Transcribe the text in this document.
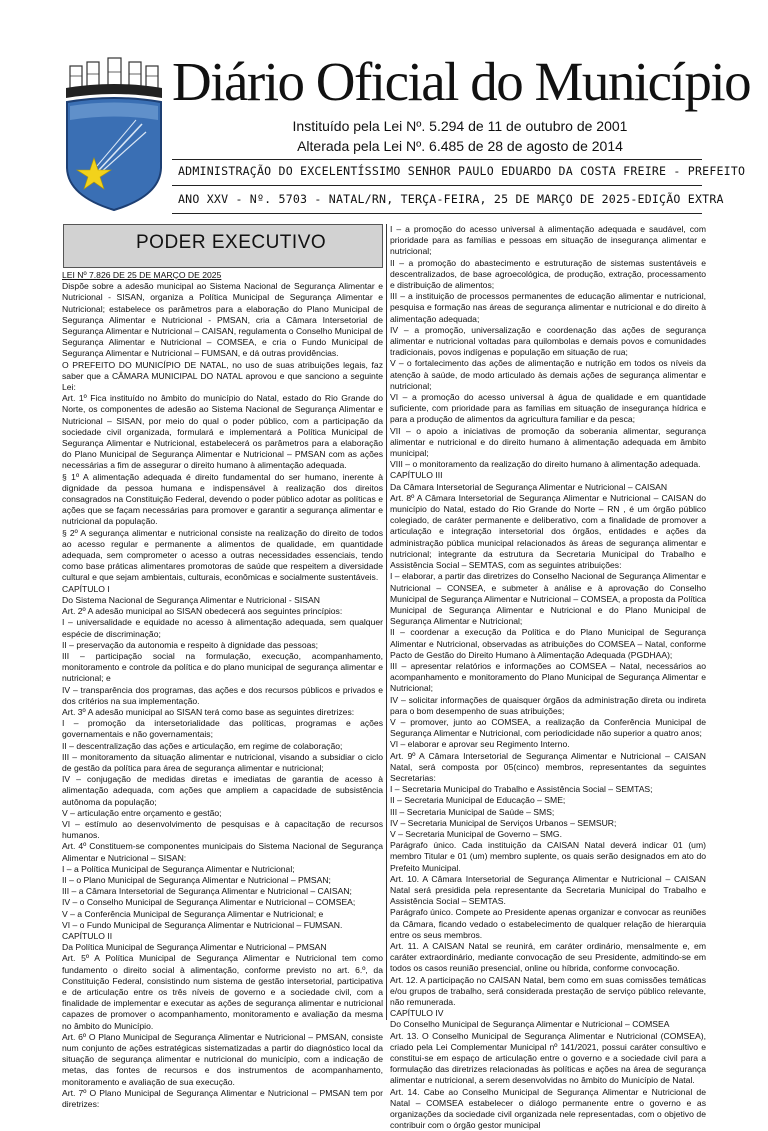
Diário Oficial do Município
Instituído pela Lei Nº. 5.294 de 11 de outubro de 2001
Alterada pela Lei Nº. 6.485 de 28 de agosto de 2014
ADMINISTRAÇÃO DO EXCELENTÍSSIMO SENHOR PAULO EDUARDO DA COSTA FREIRE - PREFEITO
ANO XXV - Nº. 5703 - NATAL/RN, TERÇA-FEIRA, 25 DE MARÇO DE 2025-EDIÇÃO EXTRA
PODER EXECUTIVO

LEI Nº 7.826 DE 25 DE MARÇO DE 2025

Dispõe sobre a adesão municipal ao Sistema Nacional de Segurança Alimentar e Nutricional - SISAN, organiza a Política Municipal de Segurança Alimentar e Nutricional; estabelece os parâmetros para a elaboração do Plano Municipal de Segurança Alimentar e Nutricional - PMSAN, cria a Câmara Intersetorial de Segurança Alimentar e Nutricional – CAISAN, regulamenta o Conselho Municipal de Segurança Alimentar e Nutricional – COMSEA, e cria o Fundo Municipal de Segurança Alimentar e Nutricional – FUMSAN, e dá outras providências.

O PREFEITO DO MUNICÍPIO DE NATAL, no uso de suas atribuições legais, faz saber que a CÂMARA MUNICIPAL DO NATAL aprovou e que sanciono a seguinte Lei:

Art. 1º Fica instituído no âmbito do município do Natal, estado do Rio Grande do Norte, os componentes de adesão ao Sistema Nacional de Segurança Alimentar e Nutricional – SISAN, por meio do qual o poder público, com a participação da sociedade civil organizada, formulará e implementará a Política Municipal de Segurança Alimentar e Nutricional, estabelecerá os parâmetros para a elaboração do Plano Municipal de Segurança Alimentar e Nutricional – PMSAN com as ações necessárias a fim de assegurar o direito humano à alimentação adequada.

§ 1º A alimentação adequada é direito fundamental do ser humano, inerente à dignidade da pessoa humana e indispensável à realização dos direitos consagrados na Constituição Federal, devendo o poder público adotar as políticas e ações que se façam necessárias para promover e garantir a segurança alimentar e nutricional da população.

§ 2º A segurança alimentar e nutricional consiste na realização do direito de todos ao acesso regular e permanente a alimentos de qualidade, em quantidade adequada, sem comprometer o acesso a outras necessidades essenciais, tendo como base práticas alimentares promotoras de saúde que respeitem a diversidade cultural e que sejam ambientais, culturais, econômicas e socialmente sustentáveis.

CAPÍTULO I

Do Sistema Nacional de Segurança Alimentar e Nutricional - SISAN

Art. 2º A adesão municipal ao SISAN obedecerá aos seguintes princípios:

I – universalidade e equidade no acesso à alimentação adequada, sem qualquer espécie de discriminação;

II – preservação da autonomia e respeito à dignidade das pessoas;

III – participação social na formulação, execução, acompanhamento, monitoramento e controle da política e do plano municipal de segurança alimentar e nutricional; e

IV – transparência dos programas, das ações e dos recursos públicos e privados e dos critérios na sua implementação.

Art. 3º A adesão municipal ao SISAN terá como base as seguintes diretrizes:

I – promoção da intersetorialidade das políticas, programas e ações governamentais e não governamentais;

II – descentralização das ações e articulação, em regime de colaboração;

III – monitoramento da situação alimentar e nutricional, visando a subsidiar o ciclo de gestão da política para área de segurança alimentar e nutricional;

IV – conjugação de medidas diretas e imediatas de garantia de acesso à alimentação adequada, com ações que ampliem a capacidade de subsistência autônoma da população;

V – articulação entre orçamento e gestão;

VI – estímulo ao desenvolvimento de pesquisas e à capacitação de recursos humanos.

Art. 4º Constituem-se componentes municipais do Sistema Nacional de Segurança Alimentar e Nutricional – SISAN:

I – a Política Municipal de Segurança Alimentar e Nutricional;

II – o Plano Municipal de Segurança Alimentar e Nutricional – PMSAN;

III – a Câmara Intersetorial de Segurança Alimentar e Nutricional – CAISAN;

IV – o Conselho Municipal de Segurança Alimentar e Nutricional – COMSEA;

V – a Conferência Municipal de Segurança Alimentar e Nutricional; e

VI – o Fundo Municipal de Segurança Alimentar e Nutricional – FUMSAN.

CAPÍTULO II

Da Política Municipal de Segurança Alimentar e Nutricional – PMSAN

Art. 5º A Política Municipal de Segurança Alimentar e Nutricional tem como fundamento o direito social à alimentação, conforme previsto no art. 6.º, da Constituição Federal, consistindo num sistema de gestão intersetorial, participativa e de articulação entre os três níveis de governo e a sociedade civil, com a finalidade de implementar e executar as ações de segurança alimentar e nutricional capazes de promover o acompanhamento, monitoramento e avaliação da mesma no âmbito do Município.

Art. 6º O Plano Municipal de Segurança Alimentar e Nutricional – PMSAN, consiste num conjunto de ações estratégicas sistematizadas a partir do diagnóstico local da situação de segurança alimentar e nutricional do município, com a indicação de metas, das fontes de recursos e dos instrumentos de acompanhamento, monitoramento e avaliação de sua execução.

Art. 7º O Plano Municipal de Segurança Alimentar e Nutricional – PMSAN tem por diretrizes:

I – a promoção do acesso universal à alimentação adequada e saudável, com prioridade para as famílias e pessoas em situação de insegurança alimentar e nutricional;

II – a promoção do abastecimento e estruturação de sistemas sustentáveis e descentralizados, de base agroecológica, de produção, extração, processamento e distribuição de alimentos;

III – a instituição de processos permanentes de educação alimentar e nutricional, pesquisa e formação nas áreas de segurança alimentar e nutricional e do direito à alimentação adequada;

IV – a promoção, universalização e coordenação das ações de segurança alimentar e nutricional voltadas para quilombolas e demais povos e comunidades tradicionais, povos indígenas e população em situação de rua;

V – o fortalecimento das ações de alimentação e nutrição em todos os níveis da atenção à saúde, de modo articulado às demais ações de segurança alimentar e nutricional;

VI – a promoção do acesso universal à água de qualidade e em quantidade suficiente, com prioridade para as famílias em situação de insegurança hídrica e para a produção de alimentos da agricultura familiar e da pesca;

VII – o apoio a iniciativas de promoção da soberania alimentar, segurança alimentar e nutricional e do direito humano à alimentação adequada em âmbito municipal;

VIII – o monitoramento da realização do direito humano à alimentação adequada.

CAPÍTULO III

Da Câmara Intersetorial de Segurança Alimentar e Nutricional – CAISAN

Art. 8º A Câmara Intersetorial de Segurança Alimentar e Nutricional – CAISAN do município do Natal, estado do Rio Grande do Norte – RN , é um órgão público colegiado, de caráter permanente e deliberativo, com a finalidade de promover a articulação e integração intersetorial dos órgãos, entidades e ações da administração pública municipal relacionados às áreas de segurança alimentar e nutricional; integrante da estrutura da Secretaria Municipal do Trabalho e Assistência Social – SEMTAS, com as seguintes atribuições:

I – elaborar, a partir das diretrizes do Conselho Nacional de Segurança Alimentar e Nutricional – CONSEA, e submeter à análise e à aprovação do Conselho Municipal de Segurança Alimentar e Nutricional – COMSEA, a proposta da Política Municipal de Segurança Alimentar e Nutricional e do Plano Municipal de Segurança Alimentar e Nutricional;

II – coordenar a execução da Política e do Plano Municipal de Segurança Alimentar e Nutricional, observadas as atribuições do COMSEA – Natal, conforme Pacto de Gestão do Direito Humano à Alimentação Adequada (PGDHAA);

III – apresentar relatórios e informações ao COMSEA – Natal, necessários ao acompanhamento e monitoramento do Plano Municipal de Segurança Alimentar e Nutricional;

IV – solicitar informações de quaisquer órgãos da administração direta ou indireta para o bom desempenho de suas atribuições;

V – promover, junto ao COMSEA, a realização da Conferência Municipal de Segurança Alimentar e Nutricional, com periodicidade não superior a quatro anos;

VI – elaborar e aprovar seu Regimento Interno.

Art. 9º A Câmara Intersetorial de Segurança Alimentar e Nutricional – CAISAN Natal, será composta por 05(cinco) membros, representantes da seguintes Secretarias:

I – Secretaria Municipal do Trabalho e Assistência Social – SEMTAS;

II – Secretaria Municipal de Educação – SME;

III – Secretaria Municipal de Saúde – SMS;

IV – Secretaria Municipal de Serviços Urbanos – SEMSUR;

V – Secretaria Municipal de Governo – SMG.

Parágrafo único. Cada instituição da CAISAN Natal deverá indicar 01 (um) membro Titular e 01 (um) membro suplente, os quais serão designados em ato do Prefeito Municipal.

Art. 10. A Câmara Intersetorial de Segurança Alimentar e Nutricional – CAISAN Natal será presidida pela representante da Secretaria Municipal do Trabalho e Assistência Social – SEMTAS.

Parágrafo único. Compete ao Presidente apenas organizar e convocar as reuniões da Câmara, ficando vedado o estabelecimento de qualquer relação de hierarquia entre os seus membros.

Art. 11. A CAISAN Natal se reunirá, em caráter ordinário, mensalmente e, em caráter extraordinário, mediante convocação de seu Presidente, admitindo-se em todos os casos reunião presencial, online ou híbrida, conforme convocação.

Art. 12. A participação no CAISAN Natal, bem como em suas comissões temáticas e/ou grupos de trabalho, será considerada prestação de serviço público relevante, não remunerada.

CAPÍTULO IV

Do Conselho Municipal de Segurança Alimentar e Nutricional – COMSEA

Art. 13. O Conselho Municipal de Segurança Alimentar e Nutricional (COMSEA), criado pela Lei Complementar Municipal nº 141/2021, possui caráter consultivo e constitui-se em espaço de articulação entre o governo e a sociedade civil para a formulação das diretrizes relacionadas às políticas e ações na área de segurança alimentar e nutricional, a serem desenvolvidas no âmbito do Município de Natal.

Art. 14. Cabe ao Conselho Municipal de Segurança Alimentar e Nutricional de Natal – COMSEA estabelecer o diálogo permanente entre o governo e as organizações da sociedade civil organizada nele representadas, com o objetivo de contribuir com o órgão gestor municipal
